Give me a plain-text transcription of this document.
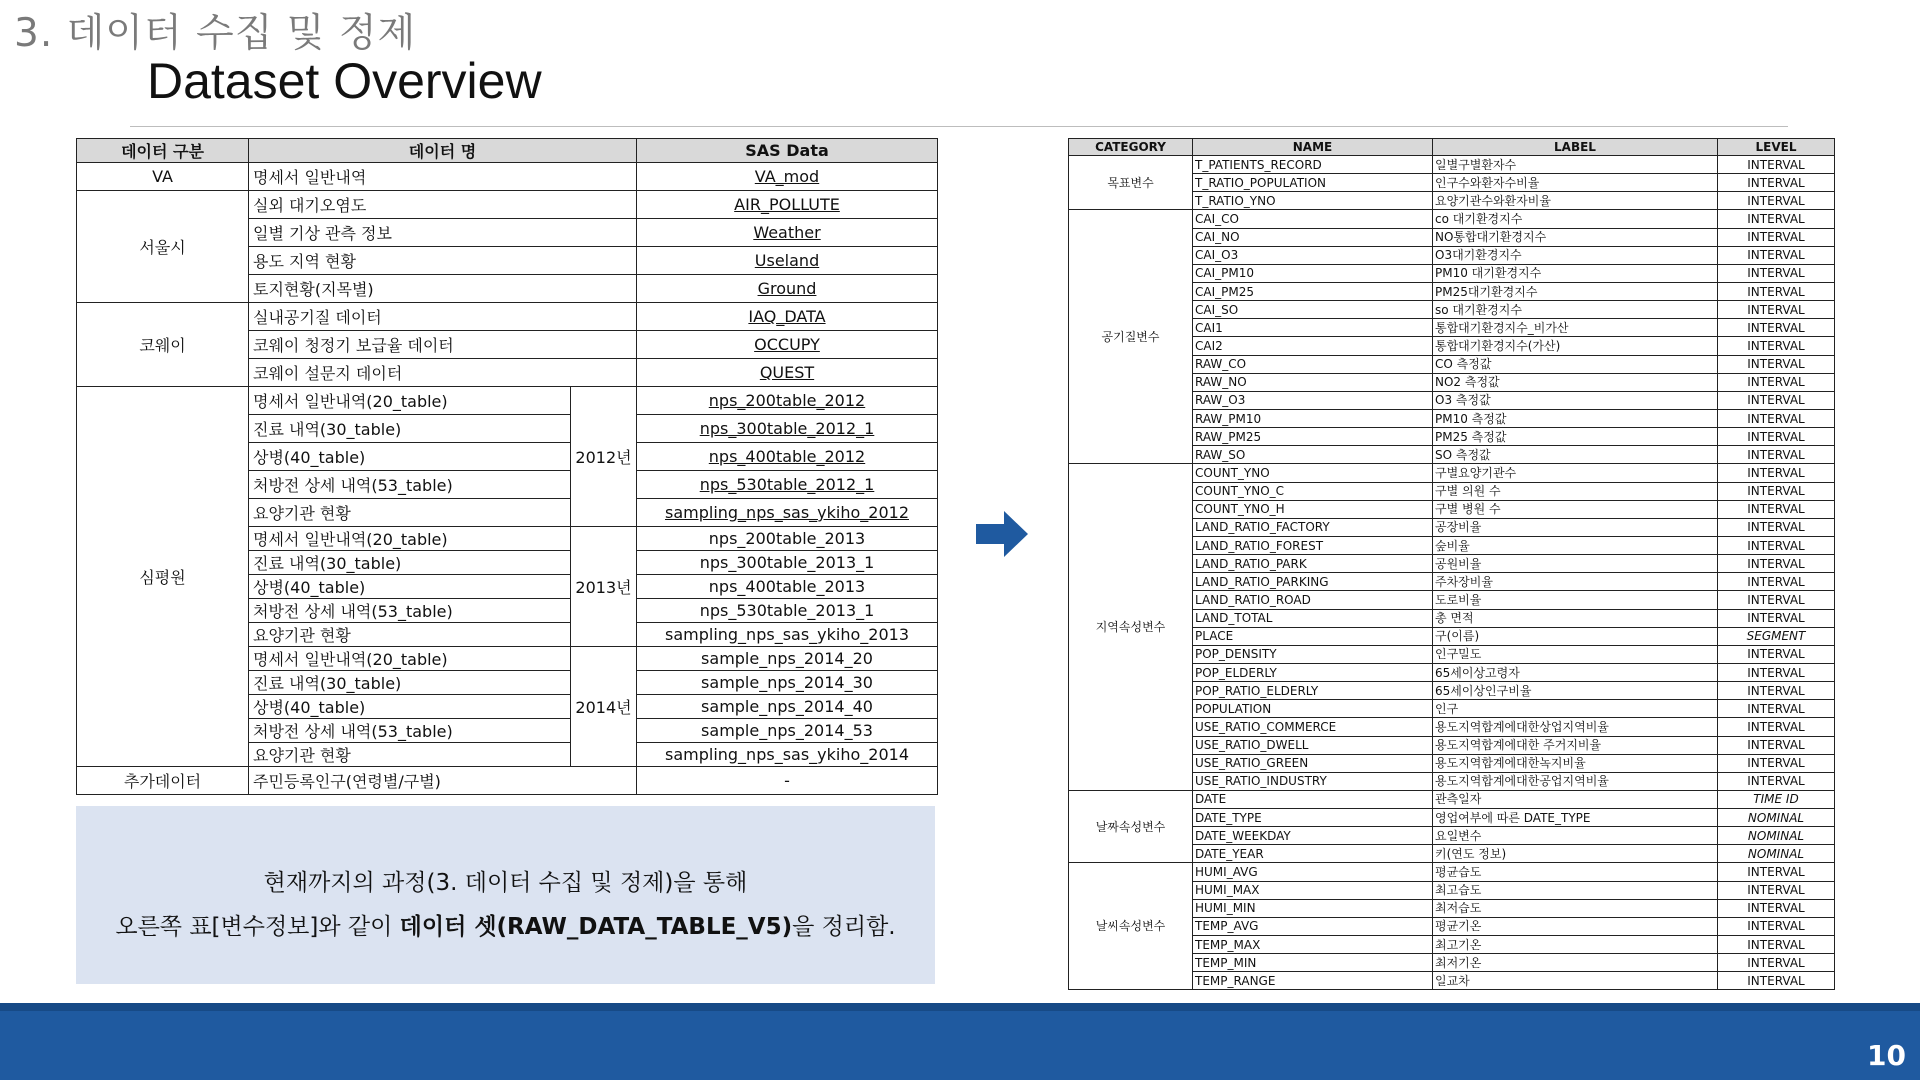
3. 데이터 수집 및 정제
Dataset Overview
데이터 구분	데이터 명		SAS Data
VA	명세서 일반내역		VA_mod
서울시	실외 대기오염도		AIR_POLLUTE
	일별 기상 관측 정보		Weather
	용도 지역 현황		Useland
	토지현황(지목별)		Ground
코웨이	실내공기질 데이터		IAQ_DATA
	코웨이 청정기 보급율 데이터		OCCUPY
	코웨이 설문지 데이터		QUEST
심평원	명세서 일반내역(20_table)	2012년	nps_200table_2012
	진료 내역(30_table)		nps_300table_2012_1
	상병(40_table)		nps_400table_2012
	처방전 상세 내역(53_table)		nps_530table_2012_1
	요양기관 현황		sampling_nps_sas_ykiho_2012
	명세서 일반내역(20_table)	2013년	nps_200table_2013
	진료 내역(30_table)		nps_300table_2013_1
	상병(40_table)		nps_400table_2013
	처방전 상세 내역(53_table)		nps_530table_2013_1
	요양기관 현황		sampling_nps_sas_ykiho_2013
	명세서 일반내역(20_table)	2014년	sample_nps_2014_20
	진료 내역(30_table)		sample_nps_2014_30
	상병(40_table)		sample_nps_2014_40
	처방전 상세 내역(53_table)		sample_nps_2014_53
	요양기관 현황		sampling_nps_sas_ykiho_2014
추가데이터	주민등록인구(연령별/구별)		-
현재까지의 과정(3. 데이터 수집 및 정제)을 통해
오른쪽 표[변수정보]와 같이 데이터 셋(RAW_DATA_TABLE_V5)을 정리함.
CATEGORY	NAME	LABEL	LEVEL
목표변수	T_PATIENTS_RECORD	일별구별환자수	INTERVAL
	T_RATIO_POPULATION	인구수와환자수비율	INTERVAL
	T_RATIO_YNO	요양기관수와환자비율	INTERVAL
공기질변수	CAI_CO	co 대기환경지수	INTERVAL
	CAI_NO	NO통합대기환경지수	INTERVAL
	CAI_O3	O3대기환경지수	INTERVAL
	CAI_PM10	PM10 대기환경지수	INTERVAL
	CAI_PM25	PM25대기환경지수	INTERVAL
	CAI_SO	so 대기환경지수	INTERVAL
	CAI1	통합대기환경지수_비가산	INTERVAL
	CAI2	통합대기환경지수(가산)	INTERVAL
	RAW_CO	CO 측정값	INTERVAL
	RAW_NO	NO2 측정값	INTERVAL
	RAW_O3	O3 측정값	INTERVAL
	RAW_PM10	PM10 측정값	INTERVAL
	RAW_PM25	PM25 측정값	INTERVAL
	RAW_SO	SO 측정값	INTERVAL
지역속성변수	COUNT_YNO	구별요양기관수	INTERVAL
	COUNT_YNO_C	구별 의원 수	INTERVAL
	COUNT_YNO_H	구별 병원 수	INTERVAL
	LAND_RATIO_FACTORY	공장비율	INTERVAL
	LAND_RATIO_FOREST	숲비율	INTERVAL
	LAND_RATIO_PARK	공원비율	INTERVAL
	LAND_RATIO_PARKING	주차장비율	INTERVAL
	LAND_RATIO_ROAD	도로비율	INTERVAL
	LAND_TOTAL	총 면적	INTERVAL
	PLACE	구(이름)	SEGMENT
	POP_DENSITY	인구밀도	INTERVAL
	POP_ELDERLY	65세이상고령자	INTERVAL
	POP_RATIO_ELDERLY	65세이상인구비율	INTERVAL
	POPULATION	인구	INTERVAL
	USE_RATIO_COMMERCE	용도지역합계에대한상업지역비율	INTERVAL
	USE_RATIO_DWELL	용도지역합계에대한 주거지비율	INTERVAL
	USE_RATIO_GREEN	용도지역합계에대한녹지비율	INTERVAL
	USE_RATIO_INDUSTRY	용도지역합계에대한공업지역비율	INTERVAL
날짜속성변수	DATE	관측일자	TIME ID
	DATE_TYPE	영업여부에 따른 DATE_TYPE	NOMINAL
	DATE_WEEKDAY	요일변수	NOMINAL
	DATE_YEAR	키(연도 정보)	NOMINAL
날씨속성변수	HUMI_AVG	평균습도	INTERVAL
	HUMI_MAX	최고습도	INTERVAL
	HUMI_MIN	최저습도	INTERVAL
	TEMP_AVG	평균기온	INTERVAL
	TEMP_MAX	최고기온	INTERVAL
	TEMP_MIN	최저기온	INTERVAL
	TEMP_RANGE	일교차	INTERVAL
10
